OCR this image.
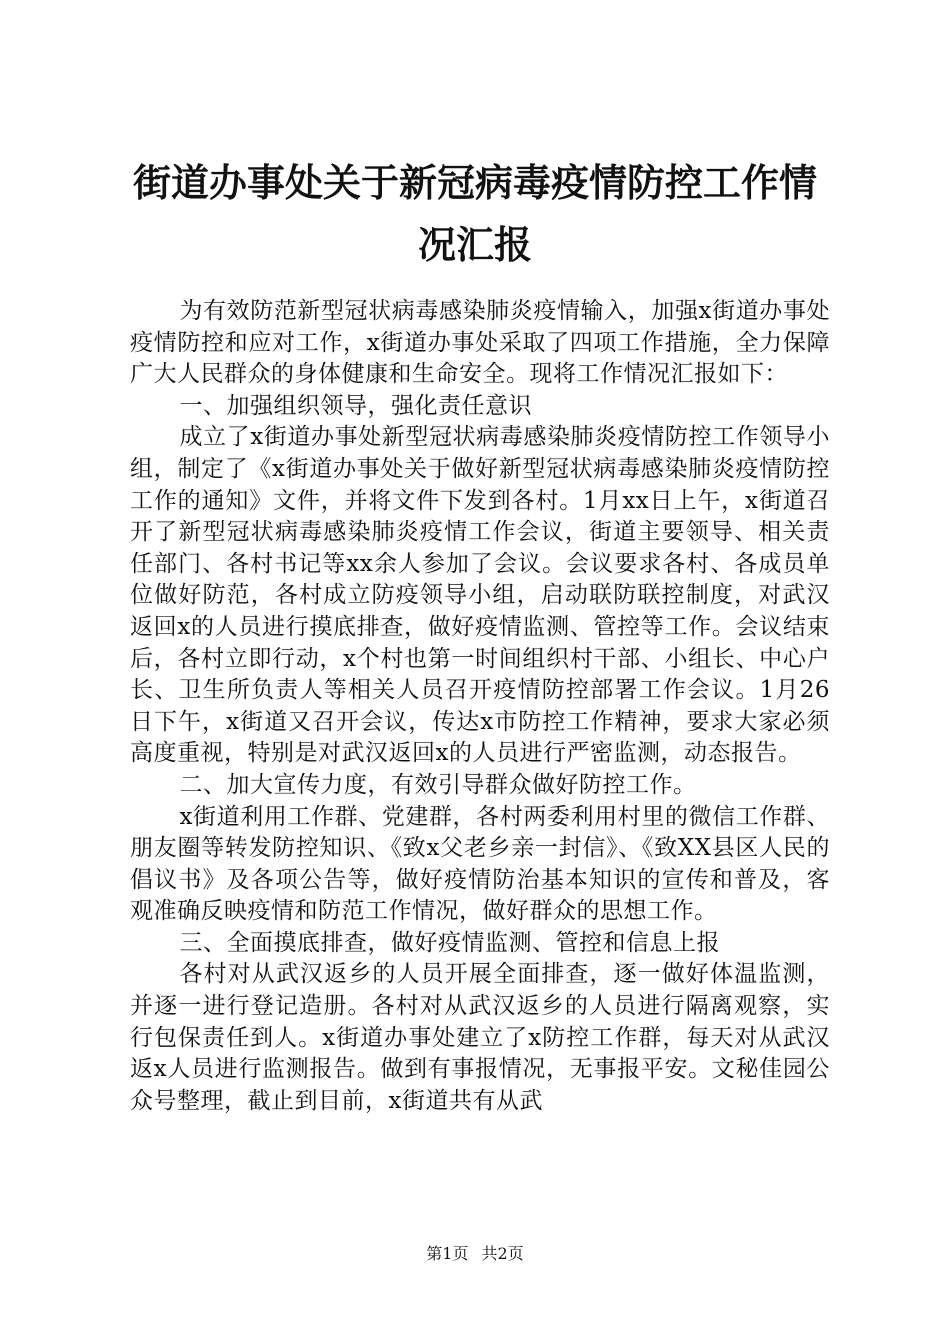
街道办事处关于新冠病毒疫情防控工作情况汇报

为有效防范新型冠状病毒感染肺炎疫情输入，加强x街道办事处疫情防控和应对工作，x街道办事处采取了四项工作措施，全力保障广大人民群众的身体健康和生命安全。现将工作情况汇报如下：

一、加强组织领导，强化责任意识

成立了x街道办事处新型冠状病毒感染肺炎疫情防控工作领导小组，制定了《x街道办事处关于做好新型冠状病毒感染肺炎疫情防控工作的通知》文件，并将文件下发到各村。1月xx日上午，x街道召开了新型冠状病毒感染肺炎疫情工作会议，街道主要领导、相关责任部门、各村书记等xx余人参加了会议。会议要求各村、各成员单位做好防范，各村成立防疫领导小组，启动联防联控制度，对武汉返回x的人员进行摸底排查，做好疫情监测、管控等工作。会议结束后，各村立即行动，x个村也第一时间组织村干部、小组长、中心户长、卫生所负责人等相关人员召开疫情防控部署工作会议。1月26日下午，x街道又召开会议，传达x市防控工作精神，要求大家必须高度重视，特别是对武汉返回x的人员进行严密监测，动态报告。

二、加大宣传力度，有效引导群众做好防控工作。

x街道利用工作群、党建群，各村两委利用村里的微信工作群、朋友圈等转发防控知识、《致x父老乡亲一封信》、《致XX县区人民的倡议书》及各项公告等，做好疫情防治基本知识的宣传和普及，客观准确反映疫情和防范工作情况，做好群众的思想工作。

三、全面摸底排查，做好疫情监测、管控和信息上报

各村对从武汉返乡的人员开展全面排查，逐一做好体温监测，并逐一进行登记造册。各村对从武汉返乡的人员进行隔离观察，实行包保责任到人。x街道办事处建立了x防控工作群，每天对从武汉返x人员进行监测报告。做到有事报情况，无事报平安。文秘佳园公众号整理，截止到目前，x街道共有从武

第1页 共2页
